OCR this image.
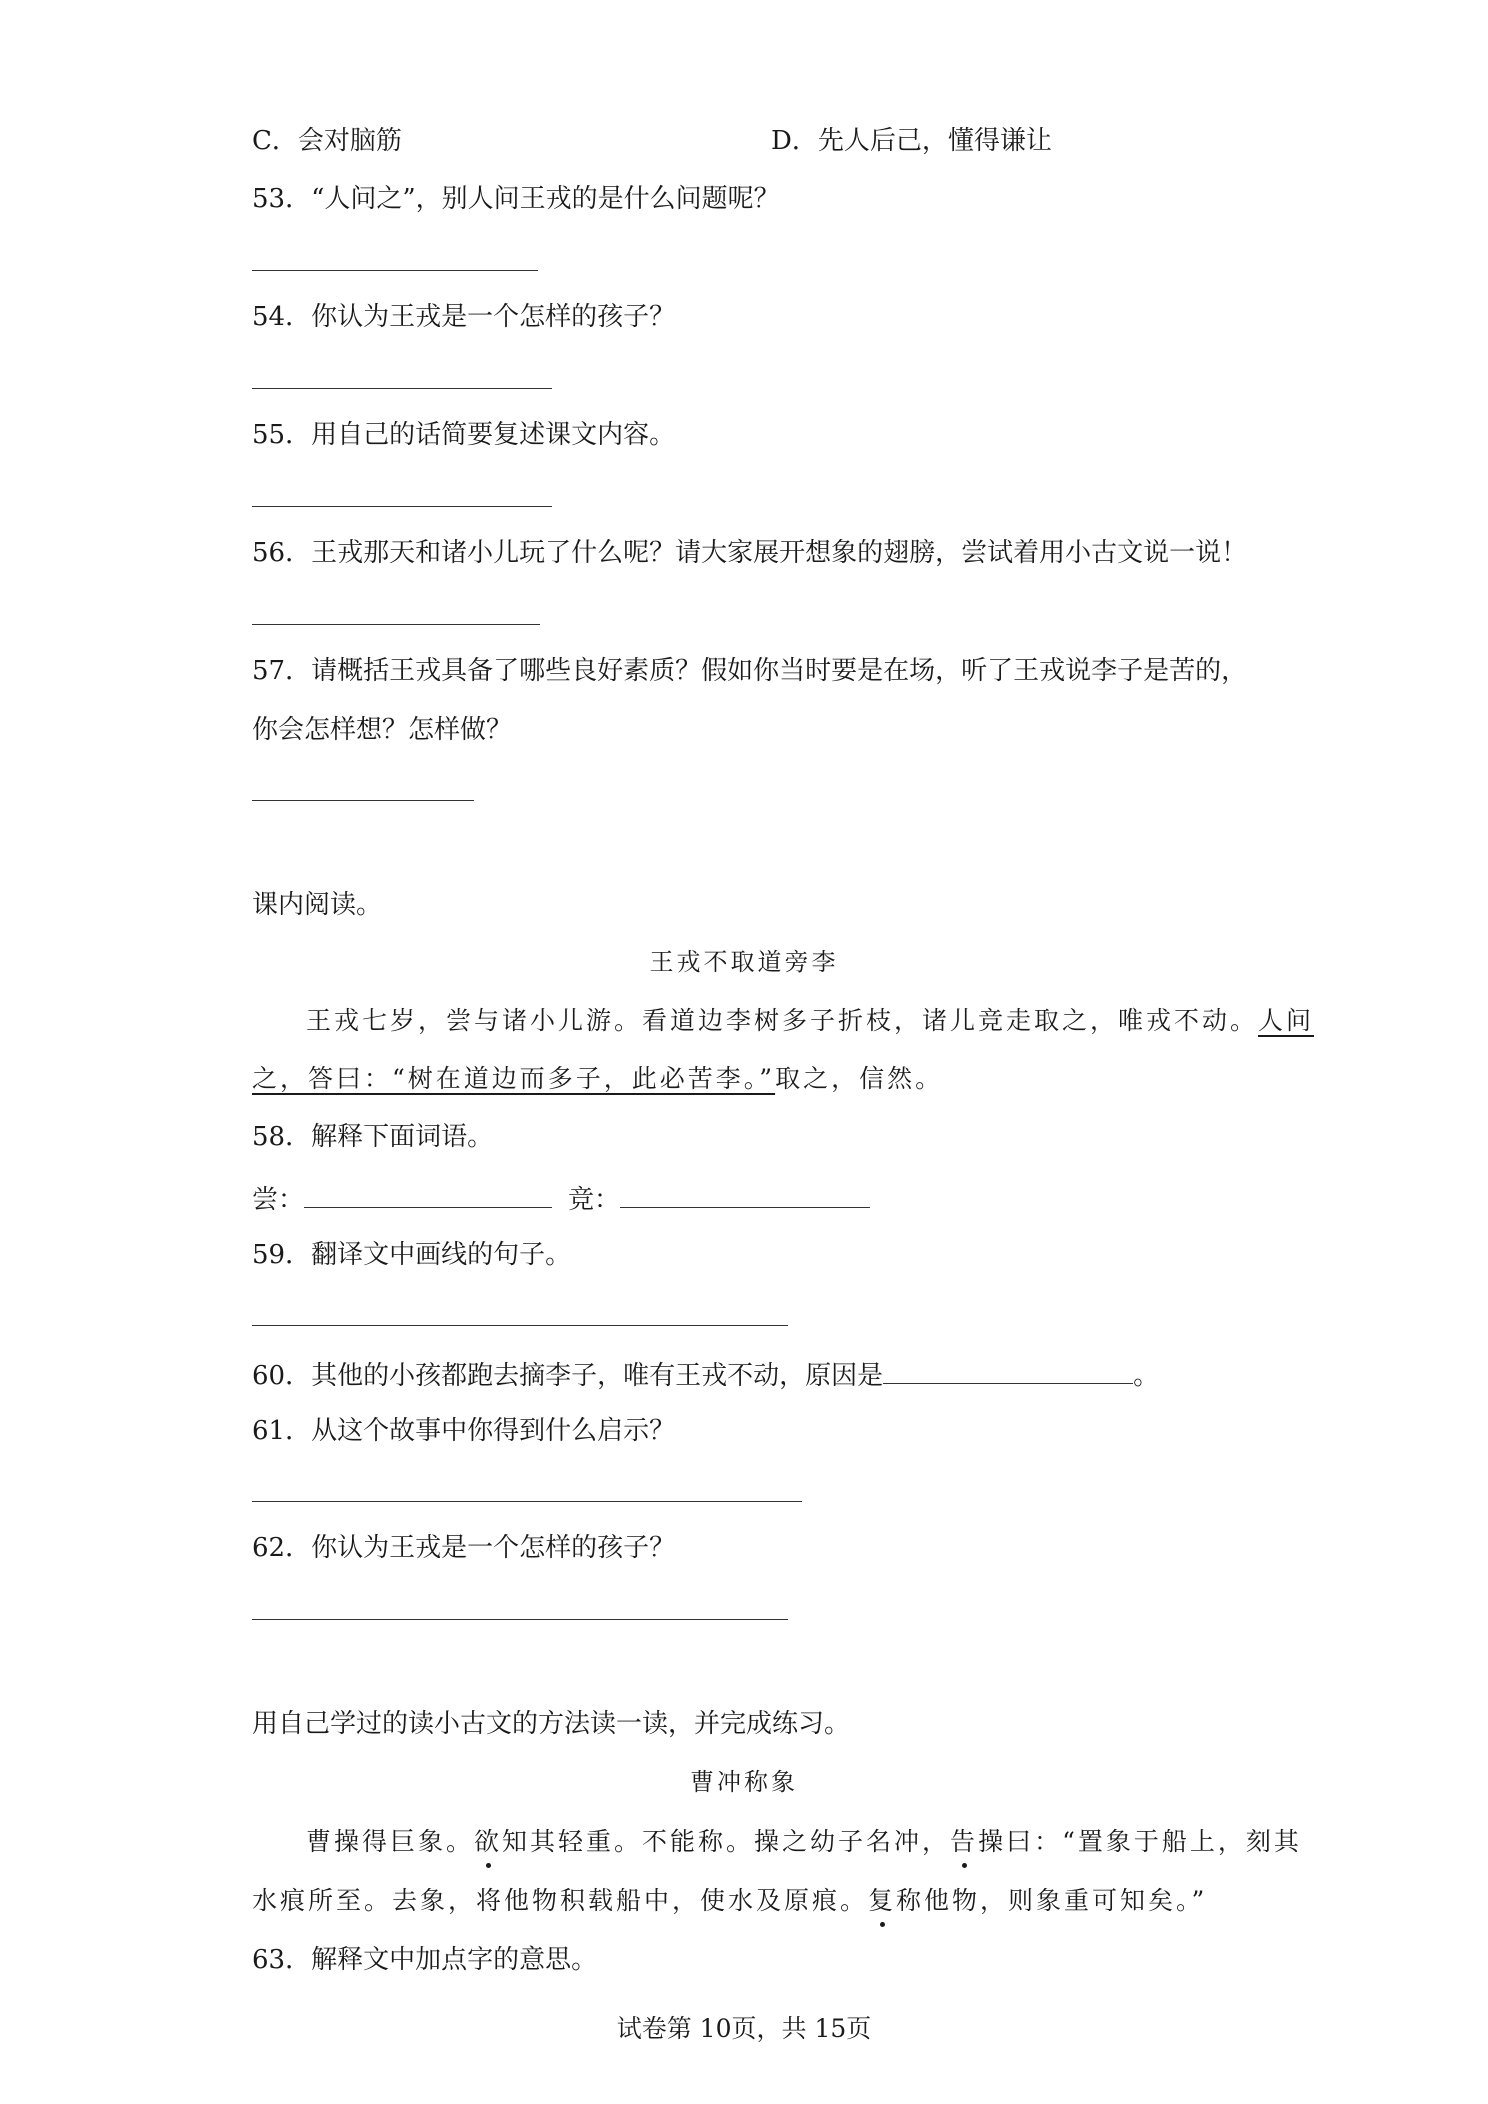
C．会对脑筋	D．先人后己，懂得谦让
53．“人问之”，别人问王戎的是什么问题呢？
54．你认为王戎是一个怎样的孩子？
55．用自己的话简要复述课文内容。
56．王戎那天和诸小儿玩了什么呢？请大家展开想象的翅膀，尝试着用小古文说一说！
57．请概括王戎具备了哪些良好素质？假如你当时要是在场，听了王戎说李子是苦的，
你会怎样想？怎样做？
课内阅读。
王戎不取道旁李
王戎七岁，尝与诸小儿游。看道边李树多子折枝，诸儿竞走取之，唯戎不动。人问
之，答曰：“树在道边而多子，此必苦李。”取之，信然。
58．解释下面词语。
尝：	竞：
59．翻译文中画线的句子。
60．其他的小孩都跑去摘李子，唯有王戎不动，原因是	。
61．从这个故事中你得到什么启示？
62．你认为王戎是一个怎样的孩子？
用自己学过的读小古文的方法读一读，并完成练习。
曹冲称象
曹操得巨象。欲知其轻重。不能称。操之幼子名冲，告操曰：“置象于船上，刻其
水痕所至。去象，将他物积载船中，使水及原痕。复称他物，则象重可知矣。”
63．解释文中加点字的意思。
试卷第 10页，共 15页
